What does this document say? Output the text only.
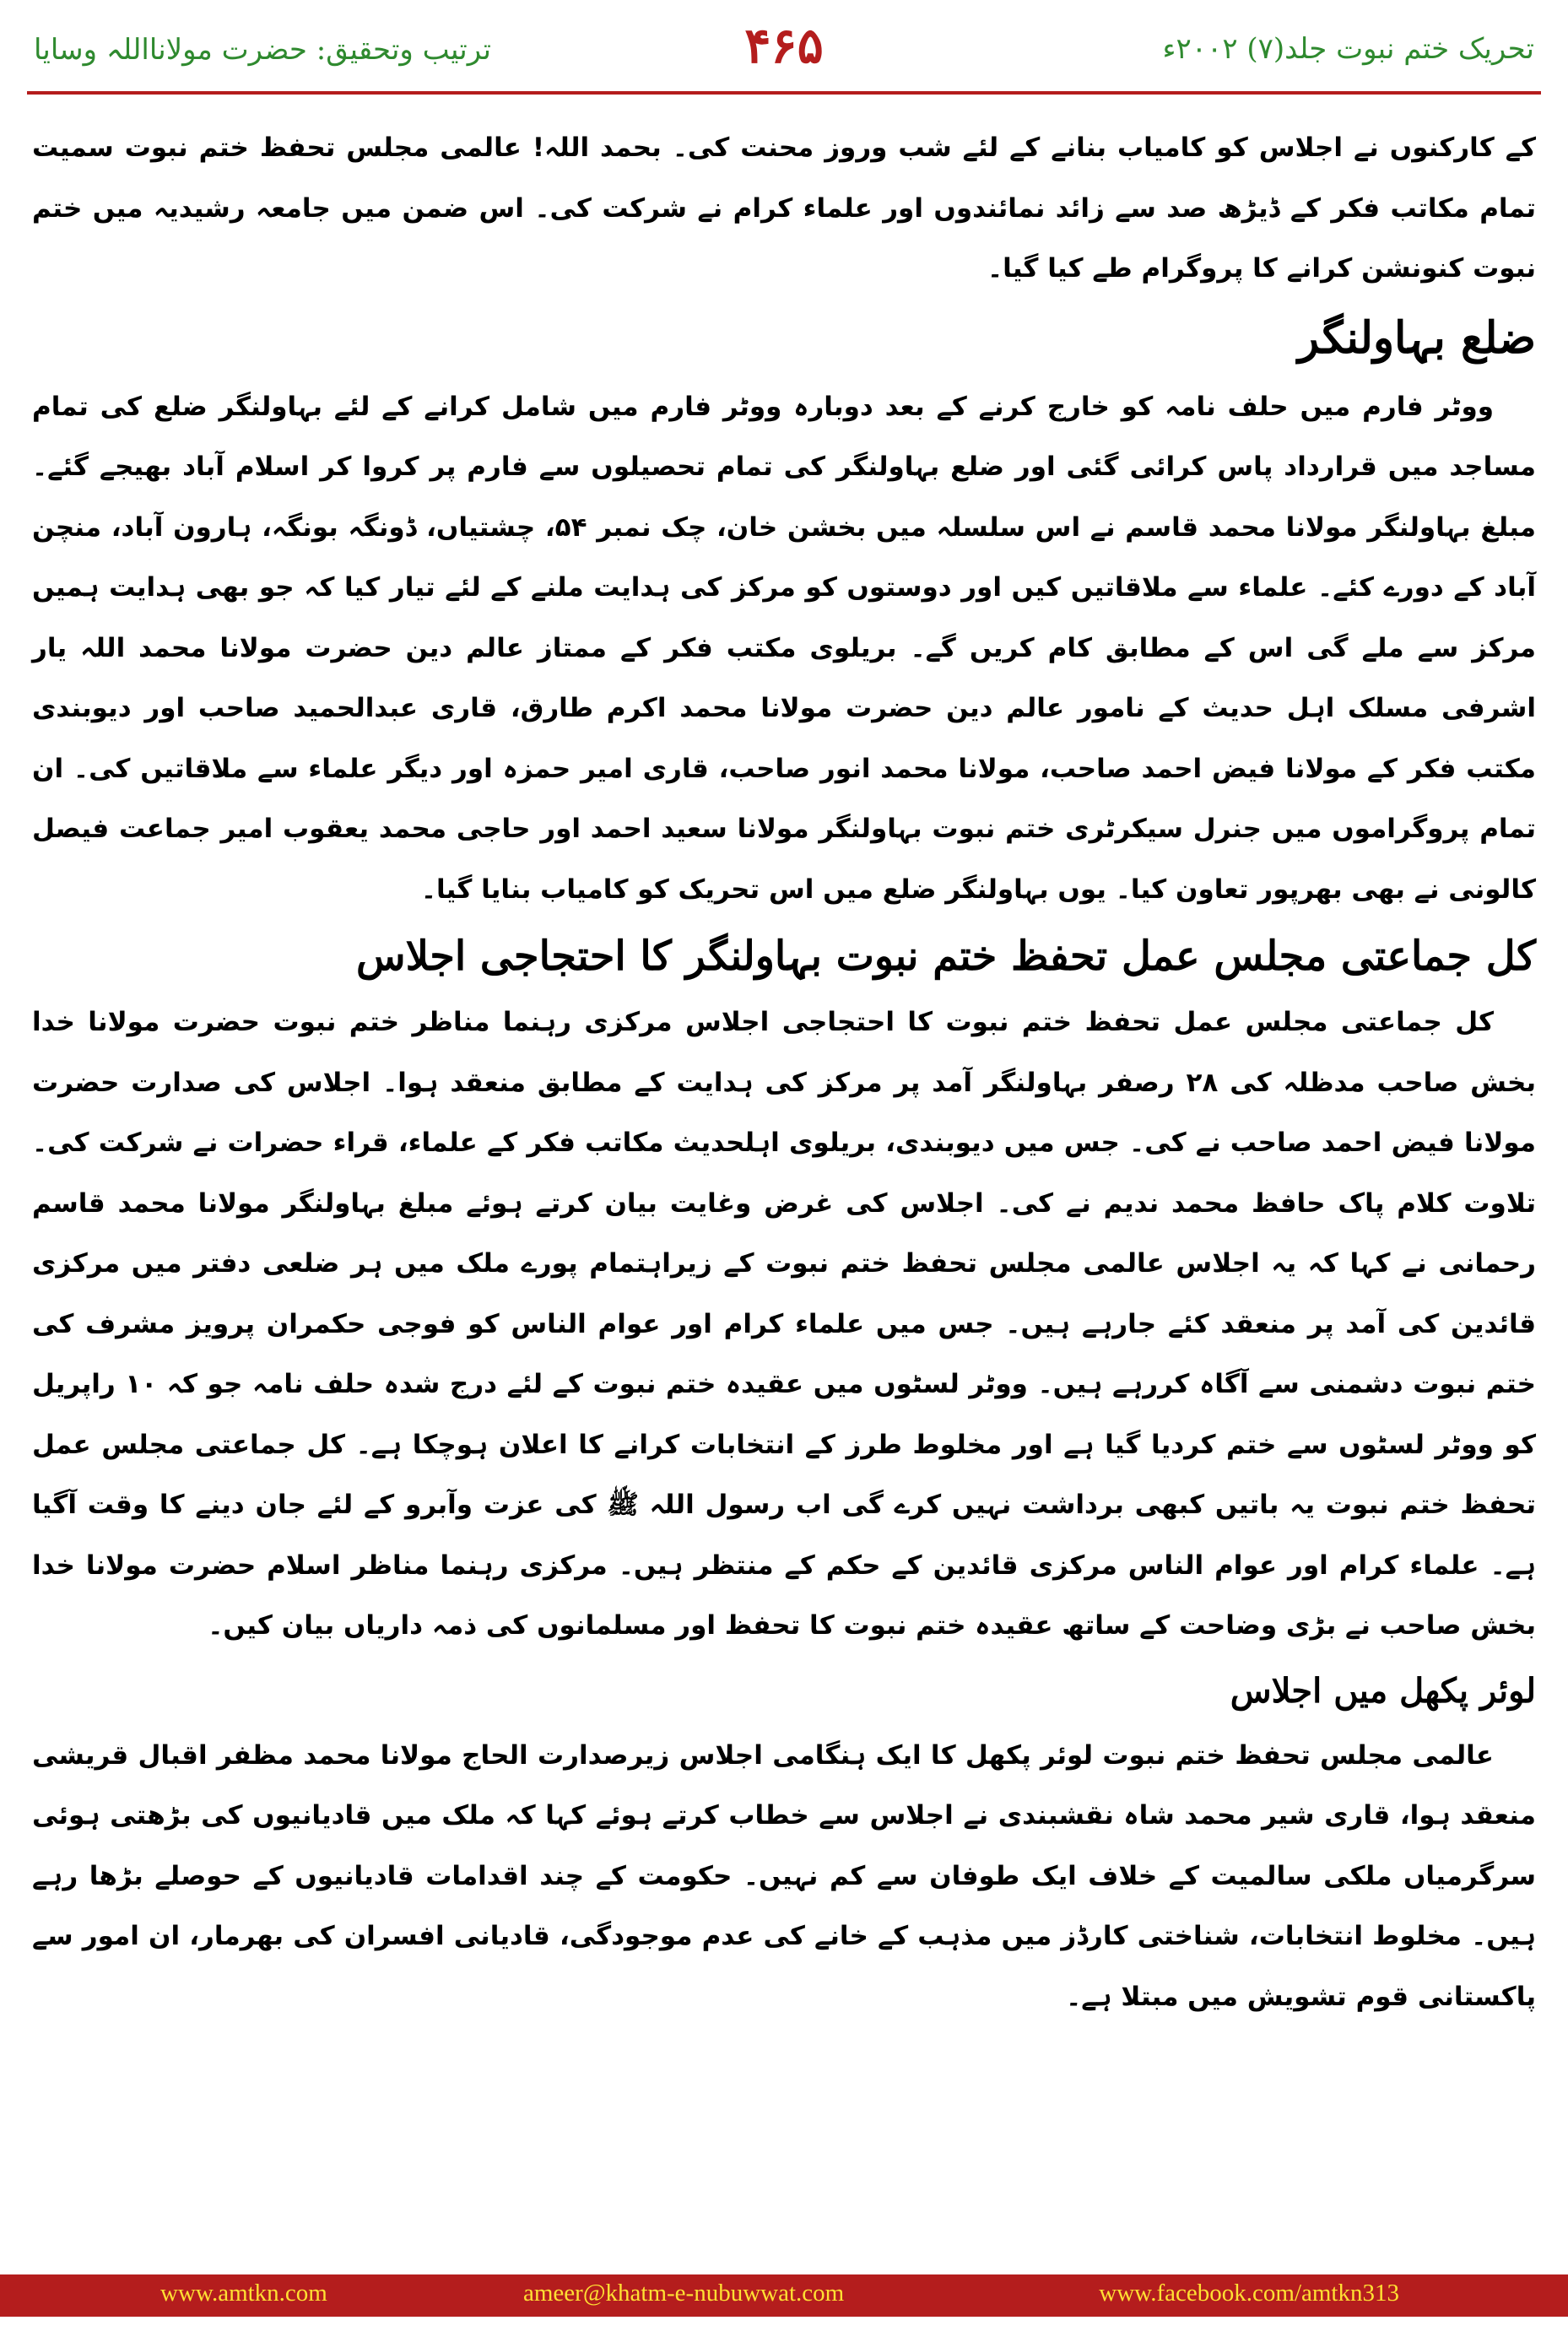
ترتیب وتحقیق: حضرت مولانااللہ وسایا	۴۶۵	تحریک ختم نبوت جلد(۷) ۲۰۰۲ء

کے کارکنوں نے اجلاس کو کامیاب بنانے کے لئے شب وروز محنت کی۔ بحمد اللہ! عالمی مجلس تحفظ ختم نبوت سمیت تمام مکاتب فکر کے ڈیڑھ صد سے زائد نمائندوں اور علماء کرام نے شرکت کی۔ اس ضمن میں جامعہ رشیدیہ میں ختم نبوت کنونشن کرانے کا پروگرام طے کیا گیا۔

ضلع بہاولنگر

ووٹر فارم میں حلف نامہ کو خارج کرنے کے بعد دوبارہ ووٹر فارم میں شامل کرانے کے لئے بہاولنگر ضلع کی تمام مساجد میں قرارداد پاس کرائی گئی اور ضلع بہاولنگر کی تمام تحصیلوں سے فارم پر کروا کر اسلام آباد بھیجے گئے۔ مبلغ بہاولنگر مولانا محمد قاسم نے اس سلسلہ میں بخشن خان، چک نمبر ۵۴، چشتیاں، ڈونگہ بونگہ، ہارون آباد، منچن آباد کے دورے کئے۔ علماء سے ملاقاتیں کیں اور دوستوں کو مرکز کی ہدایت ملنے کے لئے تیار کیا کہ جو بھی ہدایت ہمیں مرکز سے ملے گی اس کے مطابق کام کریں گے۔ بریلوی مکتب فکر کے ممتاز عالم دین حضرت مولانا محمد اللہ یار اشرفی مسلک اہل حدیث کے نامور عالم دین حضرت مولانا محمد اکرم طارق، قاری عبدالحمید صاحب اور دیوبندی مکتب فکر کے مولانا فیض احمد صاحب، مولانا محمد انور صاحب، قاری امیر حمزہ اور دیگر علماء سے ملاقاتیں کی۔ ان تمام پروگراموں میں جنرل سیکرٹری ختم نبوت بہاولنگر مولانا سعید احمد اور حاجی محمد یعقوب امیر جماعت فیصل کالونی نے بھی بھرپور تعاون کیا۔ یوں بہاولنگر ضلع میں اس تحریک کو کامیاب بنایا گیا۔

کل جماعتی مجلس عمل تحفظ ختم نبوت بہاولنگر کا احتجاجی اجلاس

کل جماعتی مجلس عمل تحفظ ختم نبوت کا احتجاجی اجلاس مرکزی رہنما مناظر ختم نبوت حضرت مولانا خدا بخش صاحب مدظلہ کی ۲۸ رصفر بہاولنگر آمد پر مرکز کی ہدایت کے مطابق منعقد ہوا۔ اجلاس کی صدارت حضرت مولانا فیض احمد صاحب نے کی۔ جس میں دیوبندی، بریلوی اہلحدیث مکاتب فکر کے علماء، قراء حضرات نے شرکت کی۔ تلاوت کلام پاک حافظ محمد ندیم نے کی۔ اجلاس کی غرض وغایت بیان کرتے ہوئے مبلغ بہاولنگر مولانا محمد قاسم رحمانی نے کہا کہ یہ اجلاس عالمی مجلس تحفظ ختم نبوت کے زیراہتمام پورے ملک میں ہر ضلعی دفتر میں مرکزی قائدین کی آمد پر منعقد کئے جارہے ہیں۔ جس میں علماء کرام اور عوام الناس کو فوجی حکمران پرویز مشرف کی ختم نبوت دشمنی سے آگاہ کررہے ہیں۔ ووٹر لسٹوں میں عقیدہ ختم نبوت کے لئے درج شدہ حلف نامہ جو کہ ۱۰ راپریل کو ووٹر لسٹوں سے ختم کردیا گیا ہے اور مخلوط طرز کے انتخابات کرانے کا اعلان ہوچکا ہے۔ کل جماعتی مجلس عمل تحفظ ختم نبوت یہ باتیں کبھی برداشت نہیں کرے گی اب رسول اللہ ﷺ کی عزت وآبرو کے لئے جان دینے کا وقت آگیا ہے۔ علماء کرام اور عوام الناس مرکزی قائدین کے حکم کے منتظر ہیں۔ مرکزی رہنما مناظر اسلام حضرت مولانا خدا بخش صاحب نے بڑی وضاحت کے ساتھ عقیدہ ختم نبوت کا تحفظ اور مسلمانوں کی ذمہ داریاں بیان کیں۔

لوئر پکھل میں اجلاس

عالمی مجلس تحفظ ختم نبوت لوئر پکھل کا ایک ہنگامی اجلاس زیرصدارت الحاج مولانا محمد مظفر اقبال قریشی منعقد ہوا، قاری شیر محمد شاہ نقشبندی نے اجلاس سے خطاب کرتے ہوئے کہا کہ ملک میں قادیانیوں کی بڑھتی ہوئی سرگرمیاں ملکی سالمیت کے خلاف ایک طوفان سے کم نہیں۔ حکومت کے چند اقدامات قادیانیوں کے حوصلے بڑھا رہے ہیں۔ مخلوط انتخابات، شناختی کارڈز میں مذہب کے خانے کی عدم موجودگی، قادیانی افسران کی بھرمار، ان امور سے پاکستانی قوم تشویش میں مبتلا ہے۔

www.amtkn.com	ameer@khatm-e-nubuwwat.com	www.facebook.com/amtkn313
